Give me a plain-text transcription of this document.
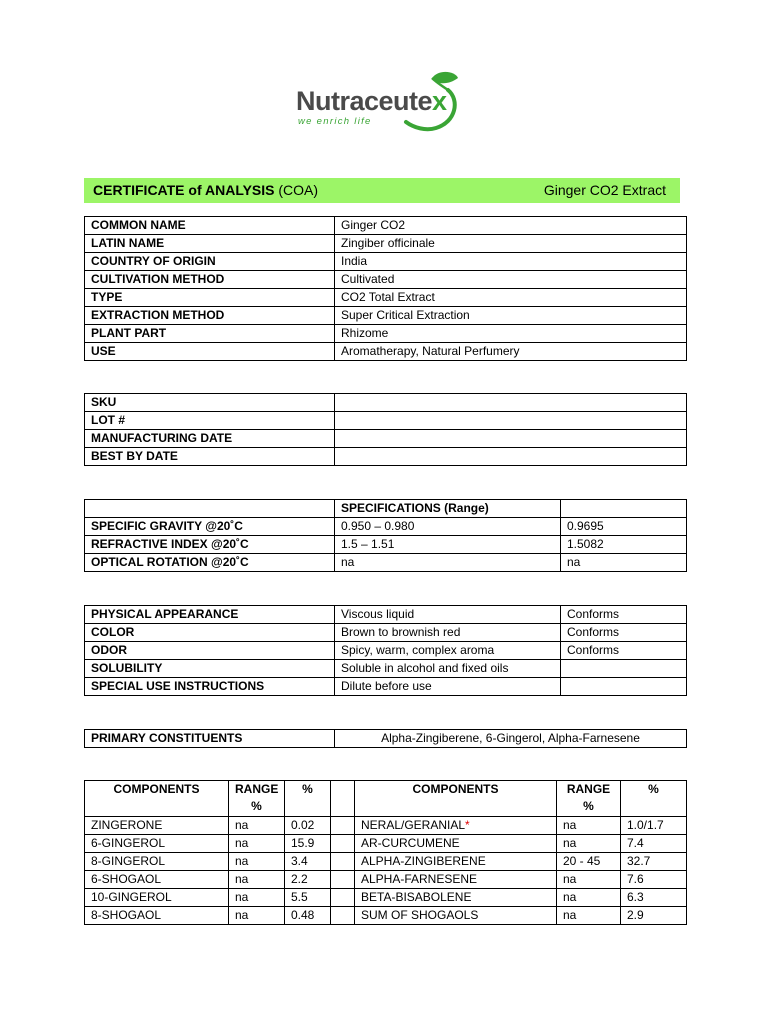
Nutraceutex
we enrich life
CERTIFICATE of ANALYSIS (COA)	Ginger CO2 Extract
COMMON NAME	Ginger CO2
LATIN NAME	Zingiber officinale
COUNTRY OF ORIGIN	India
CULTIVATION METHOD	Cultivated
TYPE	CO2 Total Extract
EXTRACTION METHOD	Super Critical Extraction
PLANT PART	Rhizome
USE	Aromatherapy, Natural Perfumery
SKU	
LOT #	
MANUFACTURING DATE	
BEST BY DATE	
	SPECIFICATIONS (Range)	
SPECIFIC GRAVITY @20˚C	0.950 – 0.980	0.9695
REFRACTIVE INDEX @20˚C	1.5 – 1.51	1.5082
OPTICAL ROTATION @20˚C	na	na
PHYSICAL APPEARANCE	Viscous liquid	Conforms
COLOR	Brown to brownish red	Conforms
ODOR	Spicy, warm, complex aroma	Conforms
SOLUBILITY	Soluble in alcohol and fixed oils	
SPECIAL USE INSTRUCTIONS	Dilute before use	
PRIMARY CONSTITUENTS	Alpha-Zingiberene, 6-Gingerol, Alpha-Farnesene
COMPONENTS	RANGE %	%		COMPONENTS	RANGE %	%
ZINGERONE	na	0.02		NERAL/GERANIAL*	na	1.0/1.7
6-GINGEROL	na	15.9		AR-CURCUMENE	na	7.4
8-GINGEROL	na	3.4		ALPHA-ZINGIBERENE	20 - 45	32.7
6-SHOGAOL	na	2.2		ALPHA-FARNESENE	na	7.6
10-GINGEROL	na	5.5		BETA-BISABOLENE	na	6.3
8-SHOGAOL	na	0.48		SUM OF SHOGAOLS	na	2.9
